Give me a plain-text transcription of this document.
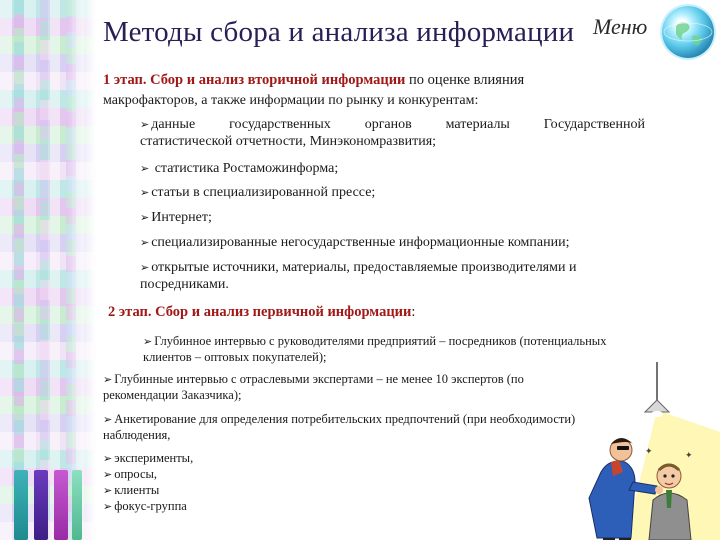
Методы сбора и анализа информации Меню
1 этап. Сбор и анализ вторичной информации по оценке влияния
макрофакторов, а также информации по рынку и конкурентам:
➢ данные государственных органов материалы Государственной
статистической отчетности, Минэкономразвития;
➢ статистика Ростаможинформа;
➢ статьи в специализированной прессе;
➢ Интернет;
➢ специализированные негосударственные информационные компании;
➢ открытые источники, материалы, предоставляемые производителями и
посредниками.
2 этап. Сбор и анализ первичной информации:
➢ Глубинное интервью с руководителями предприятий – посредников (потенциальных
клиентов – оптовых покупателей);
➢ Глубинные интервью с отраслевыми экспертами – не менее 10 экспертов (по
рекомендации Заказчика);
➢ Анкетирование для определения потребительских предпочтений (при необходимости)
наблюдения,
➢ эксперименты,
➢ опросы,
➢ клиенты
➢ фокус-группа
✦
✦
